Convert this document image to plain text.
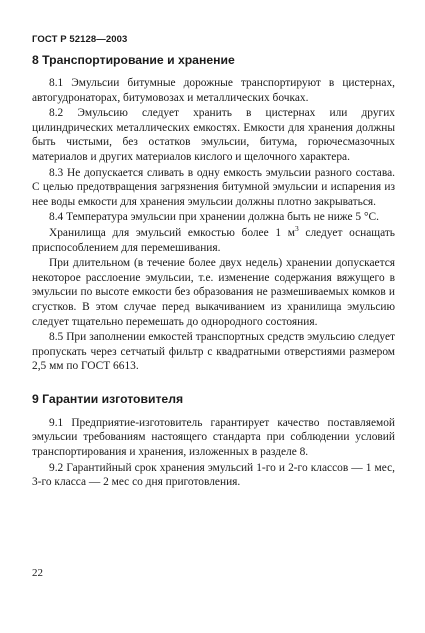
ГОСТ Р 52128—2003
8 Транспортирование и хранение

8.1 Эмульсии битумные дорожные транспортируют в цистернах, автогудронаторах, битумовозах и металлических бочках.

8.2 Эмульсию следует хранить в цистернах или других цилиндрических металлических емкостях. Емкости для хранения должны быть чистыми, без остатков эмульсии, битума, горючесмазочных материалов и других материалов кислого и щелочного характера.

8.3 Не допускается сливать в одну емкость эмульсии разного состава. С целью предотвращения загрязнения битумной эмульсии и испарения из нее воды емкости для хранения эмульсии должны плотно закрываться.

8.4 Температура эмульсии при хранении должна быть не ниже 5 °С.

Хранилища для эмульсий емкостью более 1 $м^3$ следует оснащать приспособлением для перемешивания.

При длительном (в течение более двух недель) хранении допускается некоторое расслоение эмульсии, т.е. изменение содержания вяжущего в эмульсии по высоте емкости без образования не размешиваемых комков и сгустков. В этом случае перед выкачиванием из хранилища эмульсию следует тщательно перемешать до однородного состояния.

8.5 При заполнении емкостей транспортных средств эмульсию следует пропускать через сетчатый фильтр с квадратными отверстиями размером 2,5 мм по ГОСТ 6613.

9 Гарантии изготовителя

9.1 Предприятие-изготовитель гарантирует качество поставляемой эмульсии требованиям настоящего стандарта при соблюдении условий транспортирования и хранения, изложенных в разделе 8.

9.2 Гарантийный срок хранения эмульсий 1-го и 2-го классов — 1 мес, 3-го класса — 2 мес со дня приготовления.

22
